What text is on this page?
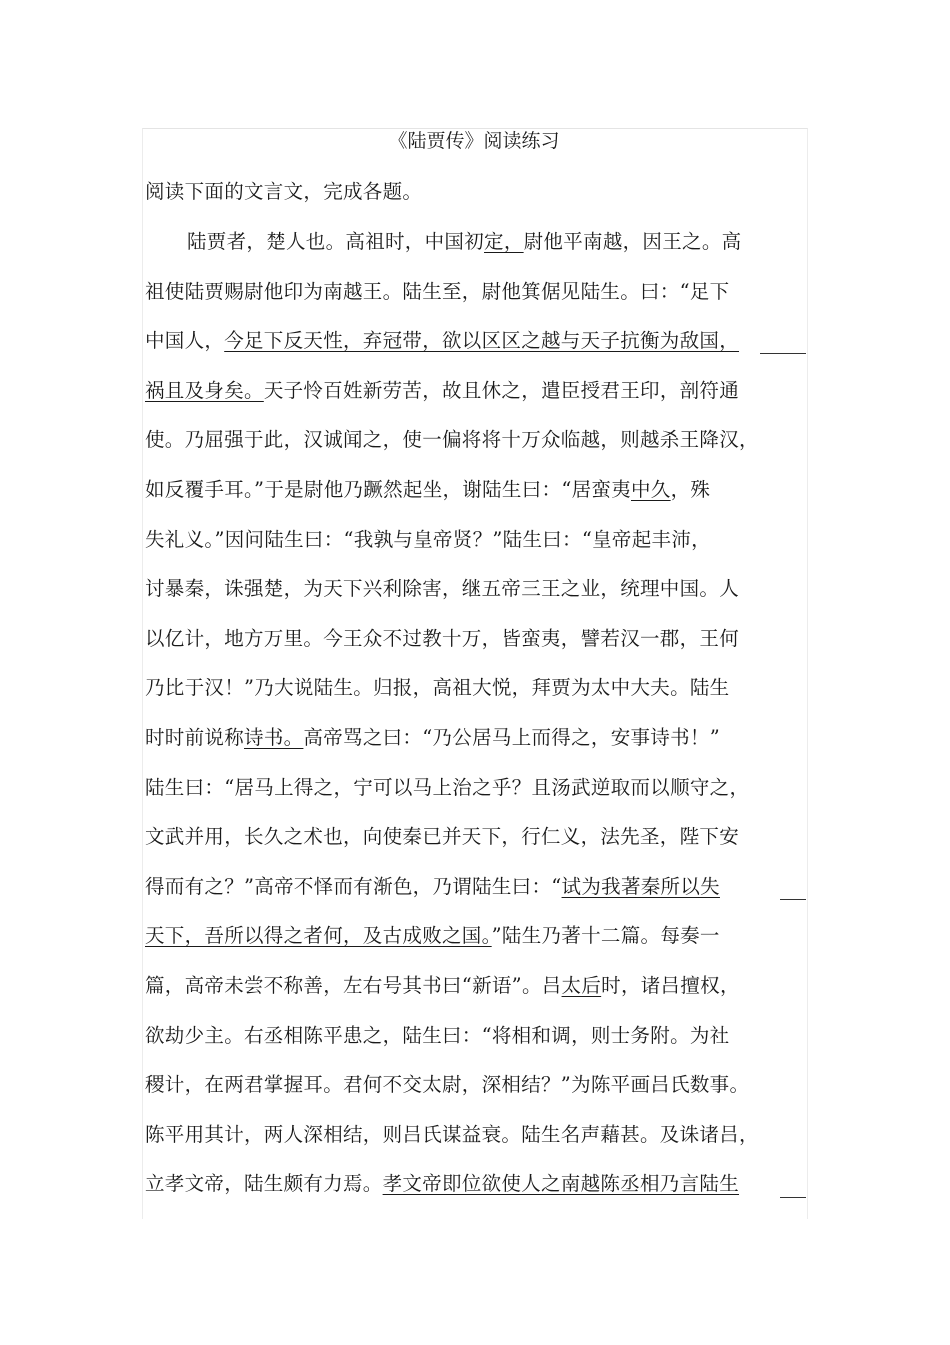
《陆贾传》阅读练习
阅读下面的文言文，完成各题。
陆贾者，楚人也。高祖时，中国初定，尉他平南越，因王之。高
祖使陆贾赐尉他印为南越王。陆生至，尉他箕倨见陆生。曰：“足下
中国人，今足下反天性，弃冠带，欲以区区之越与天子抗衡为敌国，
祸且及身矣。天子怜百姓新劳苦，故且休之，遣臣授君王印，剖符通
使。乃屈强于此，汉诚闻之，使一偏将将十万众临越，则越杀王降汉，
如反覆手耳。”于是尉他乃蹶然起坐，谢陆生曰：“居蛮夷中久，殊
失礼义。”因问陆生曰：“我孰与皇帝贤？”陆生曰：“皇帝起丰沛，
讨暴秦，诛强楚，为天下兴利除害，继五帝三王之业，统理中国。人
以亿计，地方万里。今王众不过教十万，皆蛮夷，譬若汉一郡，王何
乃比于汉！”乃大说陆生。归报，高祖大悦，拜贾为太中大夫。陆生
时时前说称诗书。高帝骂之曰：“乃公居马上而得之，安事诗书！”
陆生曰：“居马上得之，宁可以马上治之乎？且汤武逆取而以顺守之，
文武并用，长久之术也，向使秦已并天下，行仁义，法先圣，陛下安
得而有之？”高帝不怿而有渐色，乃谓陆生曰：“试为我著秦所以失
天下，吾所以得之者何，及古成败之国。”陆生乃著十二篇。每奏一
篇，高帝未尝不称善，左右号其书曰“新语”。吕太后时，诸吕擅权，
欲劫少主。右丞相陈平患之，陆生曰：“将相和调，则士务附。为社
稷计，在两君掌握耳。君何不交太尉，深相结？”为陈平画吕氏数事。
陈平用其计，两人深相结，则吕氏谋益衰。陆生名声藉甚。及诛诸吕，
立孝文帝，陆生颇有力焉。孝文帝即位欲使人之南越陈丞相乃言陆生
